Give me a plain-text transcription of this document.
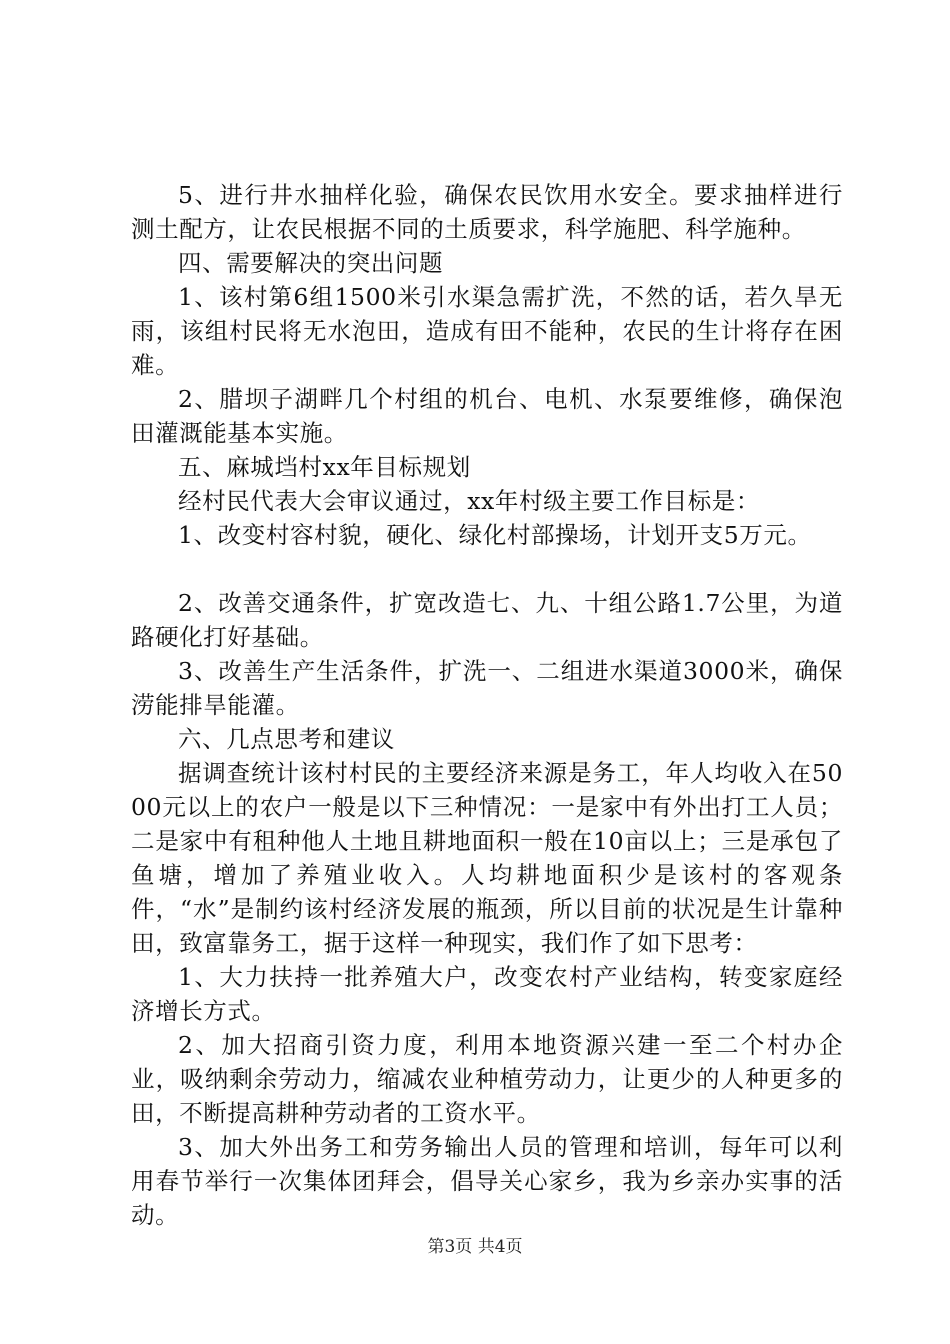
5、进行井水抽样化验，确保农民饮用水安全。要求抽样进行测土配方，让农民根据不同的土质要求，科学施肥、科学施种。

四、需要解决的突出问题

1、该村第6组1500米引水渠急需扩洗，不然的话，若久旱无雨，该组村民将无水泡田，造成有田不能种，农民的生计将存在困难。

2、腊坝子湖畔几个村组的机台、电机、水泵要维修，确保泡田灌溉能基本实施。

五、麻城垱村xx年目标规划

经村民代表大会审议通过，xx年村级主要工作目标是：

1、改变村容村貌，硬化、绿化村部操场，计划开支5万元。

2、改善交通条件，扩宽改造七、九、十组公路1.7公里，为道路硬化打好基础。

3、改善生产生活条件，扩洗一、二组进水渠道3000米，确保涝能排旱能灌。

六、几点思考和建议

据调查统计该村村民的主要经济来源是务工，年人均收入在5000元以上的农户一般是以下三种情况：一是家中有外出打工人员；二是家中有租种他人土地且耕地面积一般在10亩以上；三是承包了鱼塘，增加了养殖业收入。人均耕地面积少是该村的客观条件，“水”是制约该村经济发展的瓶颈，所以目前的状况是生计靠种田，致富靠务工，据于这样一种现实，我们作了如下思考：

1、大力扶持一批养殖大户，改变农村产业结构，转变家庭经济增长方式。

2、加大招商引资力度，利用本地资源兴建一至二个村办企业，吸纳剩余劳动力，缩减农业种植劳动力，让更少的人种更多的田，不断提高耕种劳动者的工资水平。

3、加大外出务工和劳务输出人员的管理和培训，每年可以利用春节举行一次集体团拜会，倡导关心家乡，我为乡亲办实事的活动。

第3页 共4页
